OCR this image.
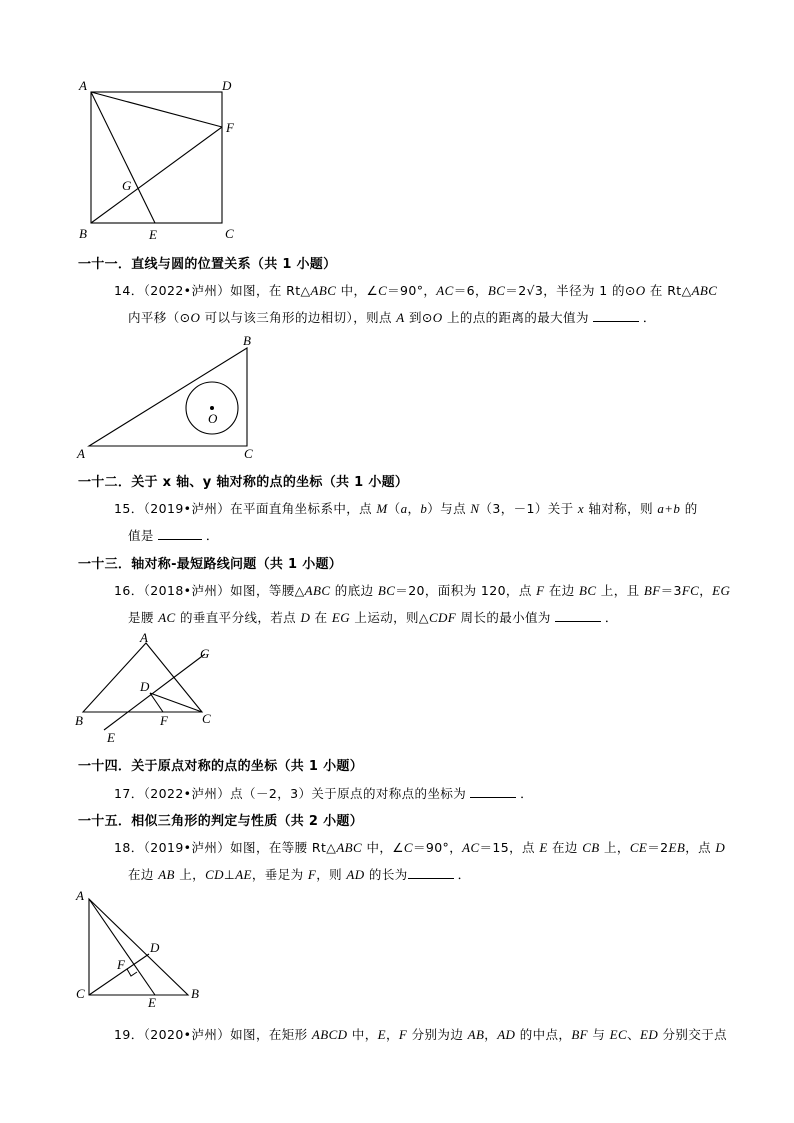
A	D
F
G
B	E	C
一十一．直线与圆的位置关系（共 1 小题）
14．（2022•泸州）如图，在 Rt△ABC 中，∠C＝90°，AC＝6，BC＝2√3，半径为 1 的⊙O 在 Rt△ABC
内平移（⊙O 可以与该三角形的边相切），则点 A 到⊙O 上的点的距离的最大值为	．
B
O
A	C
一十二．关于 x 轴、y 轴对称的点的坐标（共 1 小题）
15．（2019•泸州）在平面直角坐标系中，点 M（a，b）与点 N（3，－1）关于 x 轴对称，则 a+b 的
值是	．
一十三．轴对称-最短路线问题（共 1 小题）
16．（2018•泸州）如图，等腰△ABC 的底边 BC＝20，面积为 120，点 F 在边 BC 上，且 BF＝3FC，EG
是腰 AC 的垂直平分线，若点 D 在 EG 上运动，则△CDF 周长的最小值为	．
A
G
D
B	F	C
E
一十四．关于原点对称的点的坐标（共 1 小题）
17．（2022•泸州）点（－2，3）关于原点的对称点的坐标为	．
一十五．相似三角形的判定与性质（共 2 小题）
18．（2019•泸州）如图，在等腰 Rt△ABC 中，∠C＝90°，AC＝15，点 E 在边 CB 上，CE＝2EB，点 D
在边 AB 上，CD⊥AE，垂足为 F，则 AD 的长为	．
A
D
F
C
E
B
19．（2020•泸州）如图，在矩形 ABCD 中，E，F 分别为边 AB，AD 的中点，BF 与 EC、ED 分别交于点
